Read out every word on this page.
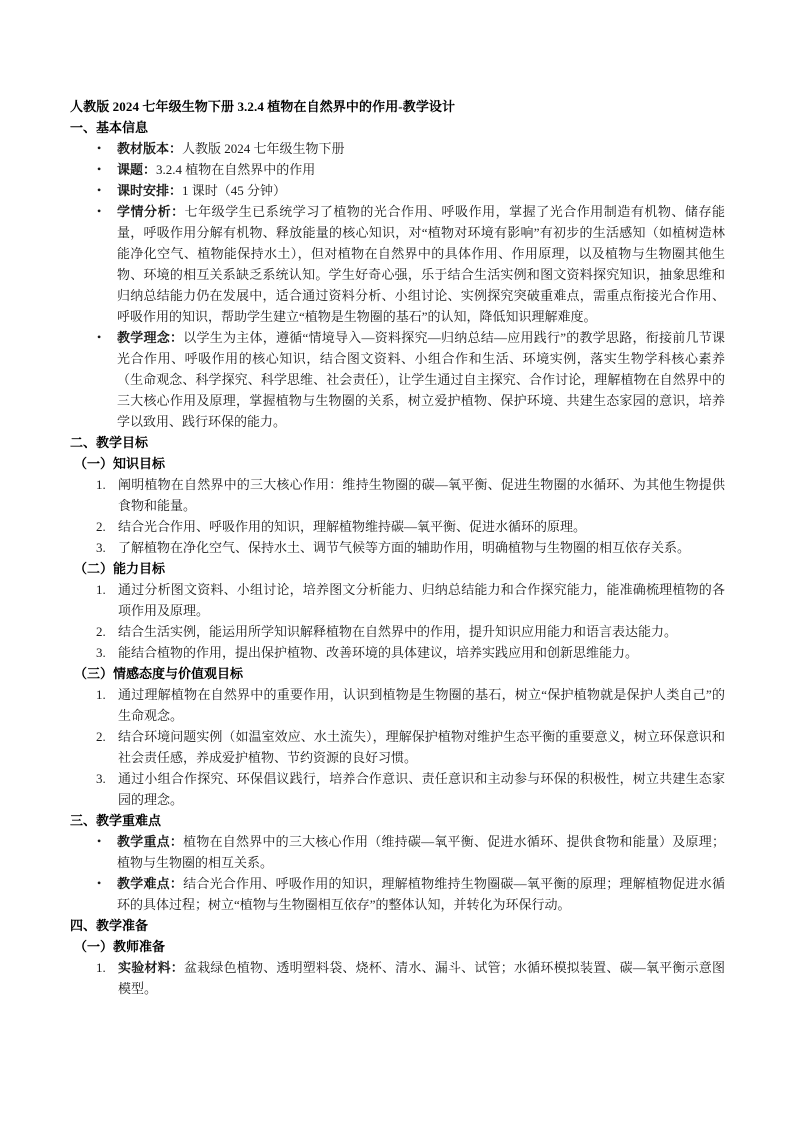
人教版 2024 七年级生物下册 3.2.4 植物在自然界中的作用-教学设计

一、基本信息

• 教材版本：人教版 2024 七年级生物下册
• 课题：3.2.4 植物在自然界中的作用
• 课时安排：1 课时（45 分钟）
• 学情分析：七年级学生已系统学习了植物的光合作用、呼吸作用，掌握了光合作用制造有机物、储存能量，呼吸作用分解有机物、释放能量的核心知识，对“植物对环境有影响”有初步的生活感知（如植树造林能净化空气、植物能保持水土），但对植物在自然界中的具体作用、作用原理，以及植物与生物圈其他生物、环境的相互关系缺乏系统认知。学生好奇心强，乐于结合生活实例和图文资料探究知识，抽象思维和归纳总结能力仍在发展中，适合通过资料分析、小组讨论、实例探究突破重难点，需重点衔接光合作用、呼吸作用的知识，帮助学生建立“植物是生物圈的基石”的认知，降低知识理解难度。
• 教学理念：以学生为主体，遵循“情境导入—资料探究—归纳总结—应用践行”的教学思路，衔接前几节课光合作用、呼吸作用的核心知识，结合图文资料、小组合作和生活、环境实例，落实生物学科核心素养（生命观念、科学探究、科学思维、社会责任），让学生通过自主探究、合作讨论，理解植物在自然界中的三大核心作用及原理，掌握植物与生物圈的关系，树立爱护植物、保护环境、共建生态家园的意识，培养学以致用、践行环保的能力。

二、教学目标

（一）知识目标

阐明植物在自然界中的三大核心作用：维持生物圈的碳—氧平衡、促进生物圈的水循环、为其他生物提供食物和能量。
结合光合作用、呼吸作用的知识，理解植物维持碳—氧平衡、促进水循环的原理。
了解植物在净化空气、保持水土、调节气候等方面的辅助作用，明确植物与生物圈的相互依存关系。

（二）能力目标

通过分析图文资料、小组讨论，培养图文分析能力、归纳总结能力和合作探究能力，能准确梳理植物的各项作用及原理。
结合生活实例，能运用所学知识解释植物在自然界中的作用，提升知识应用能力和语言表达能力。
能结合植物的作用，提出保护植物、改善环境的具体建议，培养实践应用和创新思维能力。

（三）情感态度与价值观目标

通过理解植物在自然界中的重要作用，认识到植物是生物圈的基石，树立“保护植物就是保护人类自己”的生命观念。
结合环境问题实例（如温室效应、水土流失），理解保护植物对维护生态平衡的重要意义，树立环保意识和社会责任感，养成爱护植物、节约资源的良好习惯。
通过小组合作探究、环保倡议践行，培养合作意识、责任意识和主动参与环保的积极性，树立共建生态家园的理念。

三、教学重难点

• 教学重点：植物在自然界中的三大核心作用（维持碳—氧平衡、促进水循环、提供食物和能量）及原理；植物与生物圈的相互关系。
• 教学难点：结合光合作用、呼吸作用的知识，理解植物维持生物圈碳—氧平衡的原理；理解植物促进水循环的具体过程；树立“植物与生物圈相互依存”的整体认知，并转化为环保行动。

四、教学准备

（一）教师准备

实验材料：盆栽绿色植物、透明塑料袋、烧杯、清水、漏斗、试管；水循环模拟装置、碳—氧平衡示意图模型。
